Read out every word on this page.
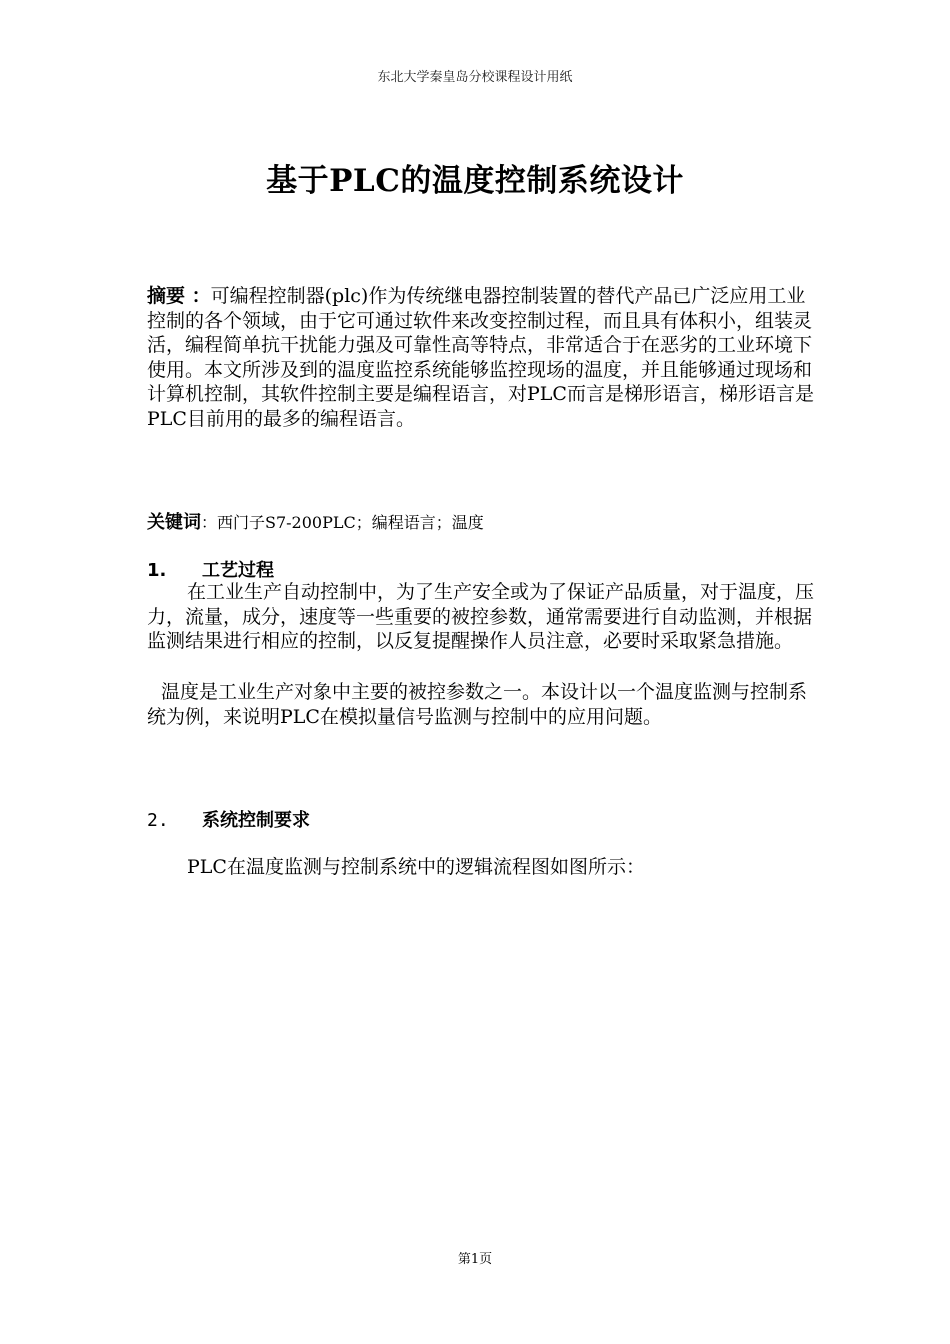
东北大学秦皇岛分校课程设计用纸
基于PLC的温度控制系统设计
摘要 ：可编程控制器(plc)作为传统继电器控制装置的替代产品已广泛应用工业控制的各个领域，由于它可通过软件来改变控制过程，而且具有体积小，组装灵活，编程简单抗干扰能力强及可靠性高等特点，非常适合于在恶劣的工业环境下使用。本文所涉及到的温度监控系统能够监控现场的温度，并且能够通过现场和计算机控制，其软件控制主要是编程语言，对PLC而言是梯形语言，梯形语言是PLC目前用的最多的编程语言。
关键词：西门子S7-200PLC；编程语言；温度
1. 工艺过程
在工业生产自动控制中，为了生产安全或为了保证产品质量，对于温度，压力，流量，成分，速度等一些重要的被控参数，通常需要进行自动监测，并根据监测结果进行相应的控制，以反复提醒操作人员注意，必要时采取紧急措施。
温度是工业生产对象中主要的被控参数之一。本设计以一个温度监测与控制系统为例，来说明PLC在模拟量信号监测与控制中的应用问题。
2. 系统控制要求
PLC在温度监测与控制系统中的逻辑流程图如图所示：
第1页
